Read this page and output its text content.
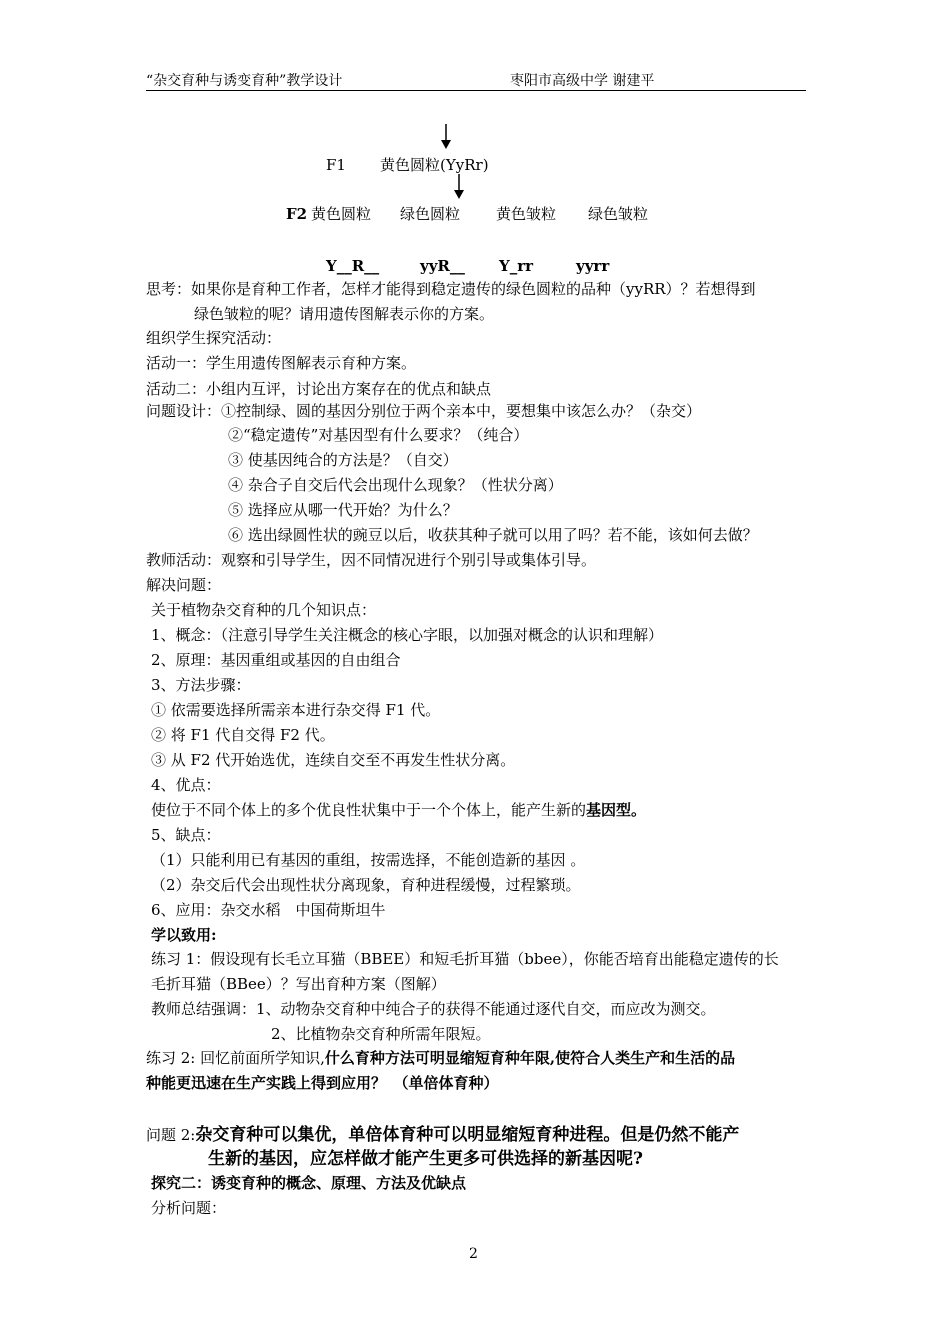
“杂交育种与诱变育种”教学设计	枣阳市高级中学 谢建平
F1 黄色圆粒(YyRr)
F2 黄色圆粒 绿色圆粒 黄色皱粒 绿色皱粒
Y__R__	yyR__ Y_rr	yyrr
思考：如果你是育种工作者，怎样才能得到稳定遗传的绿色圆粒的品种（yyRR）？若想得到
绿色皱粒的呢？请用遗传图解表示你的方案。
组织学生探究活动：
活动一：学生用遗传图解表示育种方案。
活动二：小组内互评，讨论出方案存在的优点和缺点
问题设计：①控制绿、圆的基因分别位于两个亲本中，要想集中该怎么办？（杂交）
②“稳定遗传”对基因型有什么要求？（纯合）
③ 使基因纯合的方法是？（自交）
④ 杂合子自交后代会出现什么现象？（性状分离）
⑤ 选择应从哪一代开始？为什么？
⑥ 选出绿圆性状的豌豆以后，收获其种子就可以用了吗？若不能，该如何去做？
教师活动：观察和引导学生，因不同情况进行个别引导或集体引导。
解决问题：
关于植物杂交育种的几个知识点：
1、概念：（注意引导学生关注概念的核心字眼，以加强对概念的认识和理解）
2、原理：基因重组或基因的自由组合
3、方法步骤：
① 依需要选择所需亲本进行杂交得 F1 代。
② 将 F1 代自交得 F2 代。
③ 从 F2 代开始选优，连续自交至不再发生性状分离。
4、优点：
使位于不同个体上的多个优良性状集中于一个个体上，能产生新的基因型。
5、缺点：
（1）只能利用已有基因的重组，按需选择，不能创造新的基因 。
（2）杂交后代会出现性状分离现象，育种进程缓慢，过程繁琐。
6、应用：杂交水稻　中国荷斯坦牛
学以致用:
练习 1：假设现有长毛立耳猫（BBEE）和短毛折耳猫（bbee），你能否培育出能稳定遗传的长
毛折耳猫（BBee）？写出育种方案（图解）
教师总结强调：1、动物杂交育种中纯合子的获得不能通过逐代自交，而应改为测交。
2、比植物杂交育种所需年限短。
练习 2: 回忆前面所学知识,什么育种方法可明显缩短育种年限,使符合人类生产和生活的品
种能更迅速在生产实践上得到应用？　（单倍体育种）
问题 2:杂交育种可以集优，单倍体育种可以明显缩短育种进程。但是仍然不能产
生新的基因，应怎样做才能产生更多可供选择的新基因呢?
探究二：诱变育种的概念、原理、方法及优缺点
分析问题：
2
